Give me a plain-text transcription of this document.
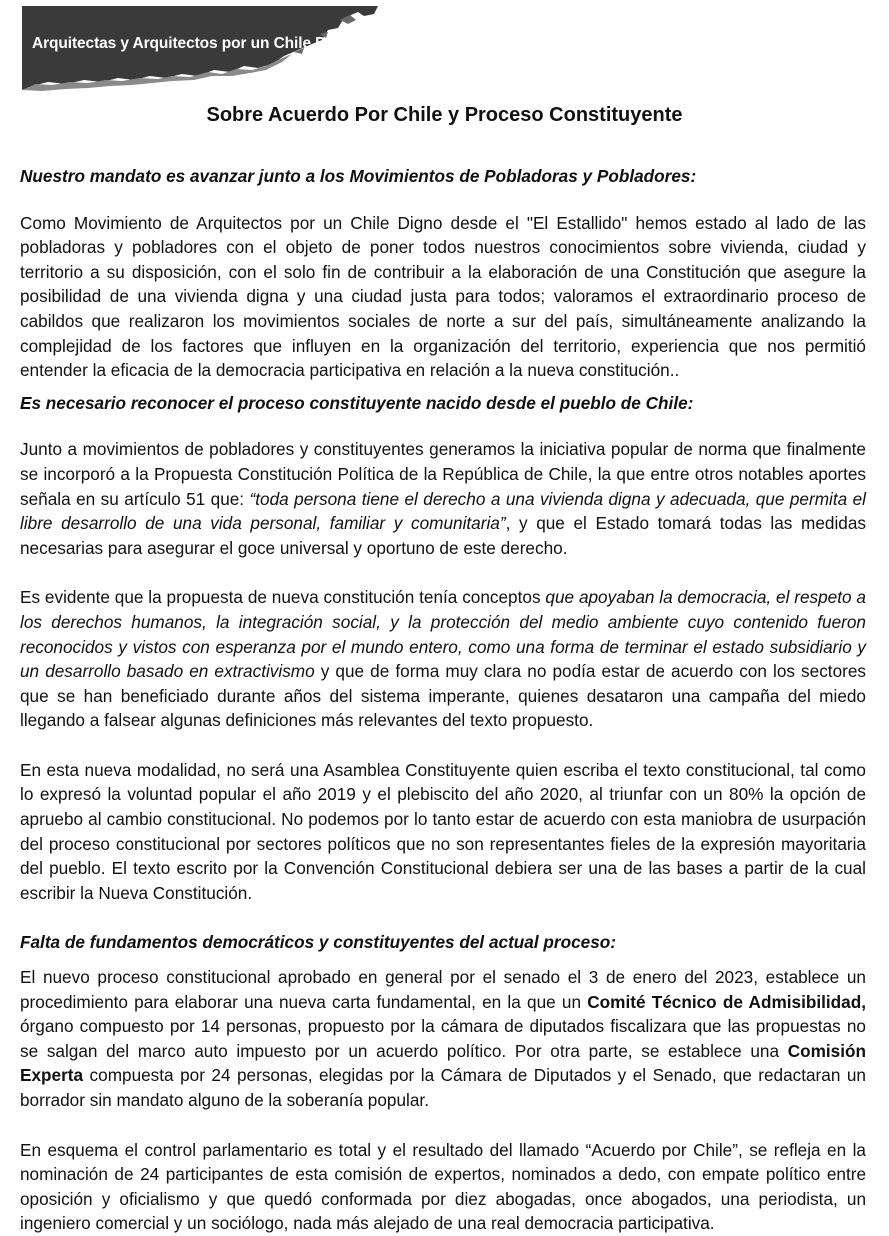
Arquitectas y Arquitectos por un Chile Digno
Sobre Acuerdo Por Chile y Proceso Constituyente

Nuestro mandato es avanzar junto a los Movimientos de Pobladoras y Pobladores:

Como Movimiento de Arquitectos por un Chile Digno desde el "El Estallido" hemos estado al lado de las pobladoras y pobladores con el objeto de poner todos nuestros conocimientos sobre vivienda, ciudad y territorio a su disposición, con el solo fin de contribuir a la elaboración de una Constitución que asegure la posibilidad de una vivienda digna y una ciudad justa para todos; valoramos el extraordinario proceso de cabildos que realizaron los movimientos sociales de norte a sur del país, simultáneamente analizando la complejidad de los factores que influyen en la organización del territorio, experiencia que nos permitió entender la eficacia de la democracia participativa en relación a la nueva constitución..

Es necesario reconocer el proceso constituyente nacido desde el pueblo de Chile:

Junto a movimientos de pobladores y constituyentes generamos la iniciativa popular de norma que finalmente se incorporó a la Propuesta Constitución Política de la República de Chile, la que entre otros notables aportes señala en su artículo 51 que: “toda persona tiene el derecho a una vivienda digna y adecuada, que permita el libre desarrollo de una vida personal, familiar y comunitaria”, y que el Estado tomará todas las medidas necesarias para asegurar el goce universal y oportuno de este derecho.

Es evidente que la propuesta de nueva constitución tenía conceptos que apoyaban la democracia, el respeto a los derechos humanos, la integración social, y la protección del medio ambiente cuyo contenido fueron reconocidos y vistos con esperanza por el mundo entero, como una forma de terminar el estado subsidiario y un desarrollo basado en extractivismo y que de forma muy clara no podía estar de acuerdo con los sectores que se han beneficiado durante años del sistema imperante, quienes desataron una campaña del miedo llegando a falsear algunas definiciones más relevantes del texto propuesto.

En esta nueva modalidad, no será una Asamblea Constituyente quien escriba el texto constitucional, tal como lo expresó la voluntad popular el año 2019 y el plebiscito del año 2020, al triunfar con un 80% la opción de apruebo al cambio constitucional. No podemos por lo tanto estar de acuerdo con esta maniobra de usurpación del proceso constitucional por sectores políticos que no son representantes fieles de la expresión mayoritaria del pueblo. El texto escrito por la Convención Constitucional debiera ser una de las bases a partir de la cual escribir la Nueva Constitución.

Falta de fundamentos democráticos y constituyentes del actual proceso:

El nuevo proceso constitucional aprobado en general por el senado el 3 de enero del 2023, establece un procedimiento para elaborar una nueva carta fundamental, en la que un Comité Técnico de Admisibilidad, órgano compuesto por 14 personas, propuesto por la cámara de diputados fiscalizara que las propuestas no se salgan del marco auto impuesto por un acuerdo político. Por otra parte, se establece una Comisión Experta compuesta por 24 personas, elegidas por la Cámara de Diputados y el Senado, que redactaran un borrador sin mandato alguno de la soberanía popular.

En esquema el control parlamentario es total y el resultado del llamado “Acuerdo por Chile”, se refleja en la nominación de 24 participantes de esta comisión de expertos, nominados a dedo, con empate político entre oposición y oficialismo y que quedó conformada por diez abogadas, once abogados, una periodista, un ingeniero comercial y un sociólogo, nada más alejado de una real democracia participativa.
